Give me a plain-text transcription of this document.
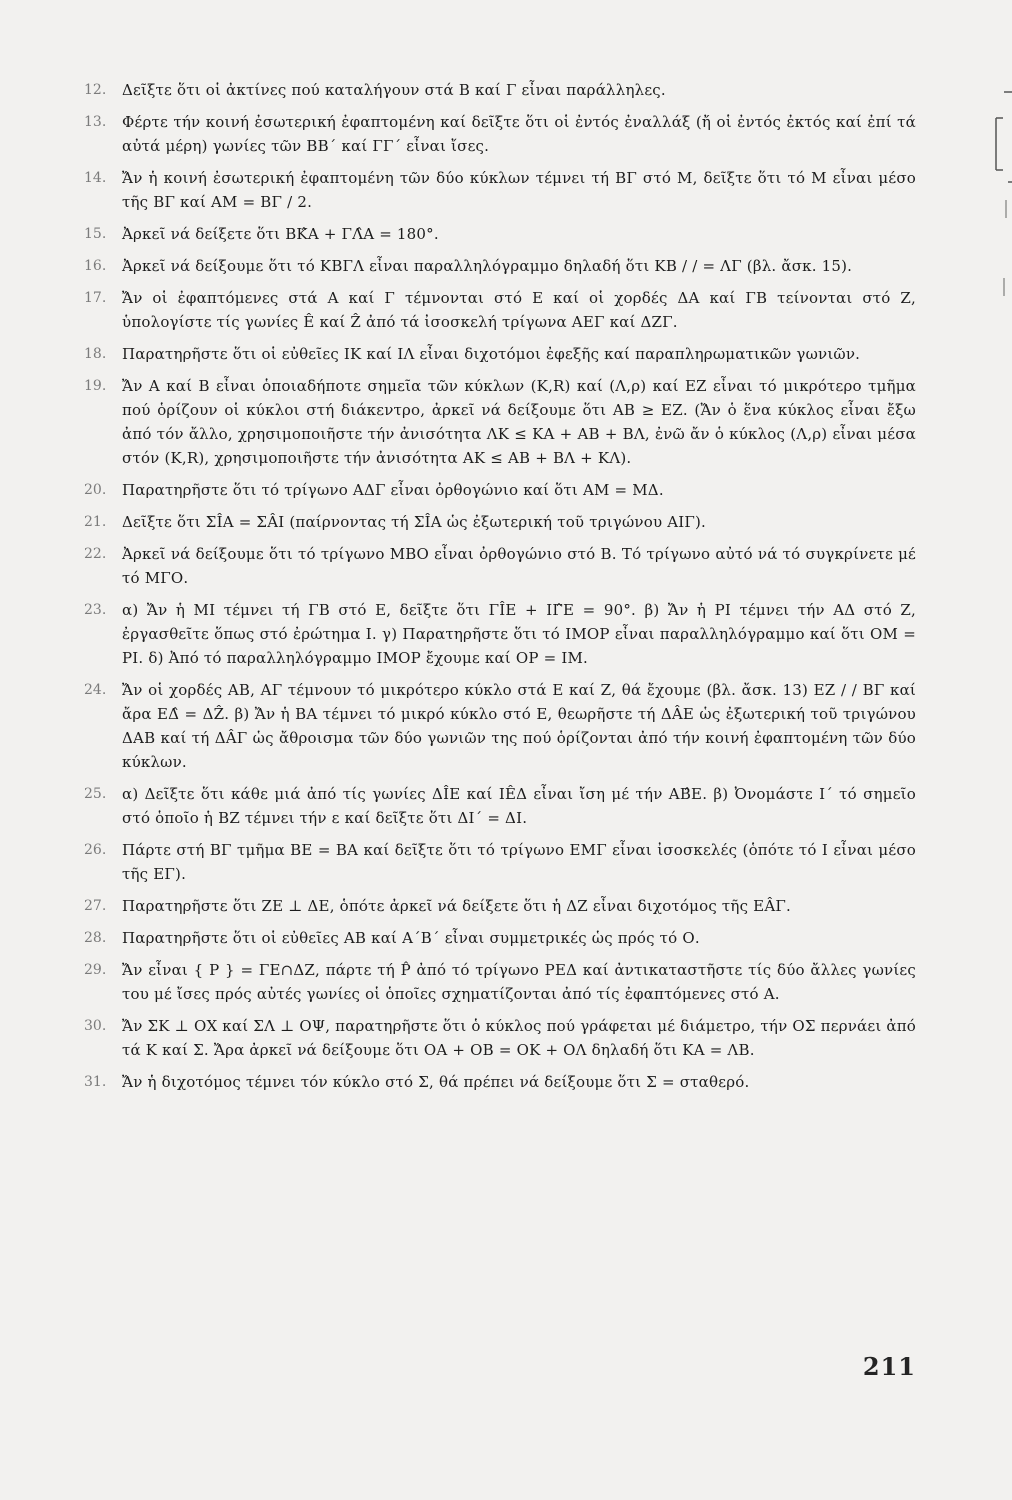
12.	Δεῖξτε ὅτι οἱ ἀκτίνες πού καταλήγουν στά Β καί Γ εἶναι παράλληλες.
13.	Φέρτε τήν κοινή ἐσωτερική ἐφαπτομένη καί δεῖξτε ὅτι οἱ ἐντός ἐναλλάξ (ἤ οἱ ἐντός ἐκτός καί ἐπί τά αὐτά μέρη) γωνίες τῶν ΒΒ΄ καί ΓΓ΄ εἶναι ἴσες.
14.	Ἄν ἡ κοινή ἐσωτερική ἐφαπτομένη τῶν δύο κύκλων τέμνει τή ΒΓ στό Μ, δεῖξτε ὅτι τό Μ εἶναι μέσο τῆς ΒΓ καί ΑΜ = ΒΓ / 2.
15.	Ἀρκεῖ νά δείξετε ὅτι ΒΚ̂Α + ΓΛ̂Α = 180°.
16.	Ἀρκεῖ νά δείξουμε ὅτι τό ΚΒΓΛ εἶναι παραλληλόγραμμο δηλαδή ὅτι ΚΒ / / = ΛΓ (βλ. ἄσκ. 15).
17.	Ἄν οἱ ἐφαπτόμενες στά Α καί Γ τέμνονται στό Ε καί οἱ χορδές ΔΑ καί ΓΒ τείνονται στό Ζ, ὑπολογίστε τίς γωνίες Ê καί Ẑ ἀπό τά ἰσοσκελή τρίγωνα ΑΕΓ καί ΔΖΓ.
18.	Παρατηρῆστε ὅτι οἱ εὐθεῖες ΙΚ καί ΙΛ εἶναι διχοτόμοι ἐφεξῆς καί παραπληρωματικῶν γωνιῶν.
19.	Ἄν Α καί Β εἶναι ὁποιαδήποτε σημεῖα τῶν κύκλων (Κ,R) καί (Λ,ρ) καί ΕΖ εἶναι τό μικρότερο τμῆμα πού ὁρίζουν οἱ κύκλοι στή διάκεντρο, ἀρκεῖ νά δείξουμε ὅτι ΑΒ ≥ ΕΖ. (Ἄν ὁ ἕνα κύκλος εἶναι ἔξω ἀπό τόν ἄλλο, χρησιμοποιῆστε τήν ἀνισότητα ΛΚ ≤ ΚΑ + ΑΒ + ΒΛ, ἐνῶ ἄν ὁ κύκλος (Λ,ρ) εἶναι μέσα στόν (Κ,R), χρησιμοποιῆστε τήν ἀνισότητα ΑΚ ≤ ΑΒ + ΒΛ + ΚΛ).
20.	Παρατηρῆστε ὅτι τό τρίγωνο ΑΔΓ εἶναι ὀρθογώνιο καί ὅτι ΑΜ = ΜΔ.
21.	Δεῖξτε ὅτι ΣÎΑ = ΣÂΙ (παίρνοντας τή ΣÎΑ ὡς ἐξωτερική τοῦ τριγώνου ΑΙΓ).
22.	Ἀρκεῖ νά δείξουμε ὅτι τό τρίγωνο ΜΒΟ εἶναι ὀρθογώνιο στό Β. Τό τρίγωνο αὐτό νά τό συγκρίνετε μέ τό ΜΓΟ.
23.	α) Ἄν ἡ ΜΙ τέμνει τή ΓΒ στό Ε, δεῖξτε ὅτι ΓÎΕ + ΙΓ̂Ε = 90°. β) Ἄν ἡ ΡΙ τέμνει τήν ΑΔ στό Ζ, ἐργασθεῖτε ὅπως στό ἐρώτημα Ι. γ) Παρατηρῆστε ὅτι τό ΙΜΟΡ εἶναι παραλληλόγραμμο καί ὅτι ΟΜ = ΡΙ. δ) Ἀπό τό παραλληλόγραμμο ΙΜΟΡ ἔχουμε καί ΟΡ = ΙΜ.
24.	Ἄν οἱ χορδές ΑΒ, ΑΓ τέμνουν τό μικρότερο κύκλο στά Ε καί Ζ, θά ἔχουμε (βλ. ἄσκ. 13) ΕΖ / / ΒΓ καί ἄρα ΕΔ̂ = ΔẐ. β) Ἄν ἡ ΒΑ τέμνει τό μικρό κύκλο στό Ε, θεωρῆστε τή ΔÂΕ ὡς ἐξωτερική τοῦ τριγώνου ΔΑΒ καί τή ΔÂΓ ὡς ἄθροισμα τῶν δύο γωνιῶν της πού ὁρίζονται ἀπό τήν κοινή ἐφαπτομένη τῶν δύο κύκλων.
25.	α) Δεῖξτε ὅτι κάθε μιά ἀπό τίς γωνίες ΔÎΕ καί ΙÊΔ εἶναι ἴση μέ τήν ΑΒ̂Ε. β) Ὀνομάστε Ι΄ τό σημεῖο στό ὁποῖο ἡ ΒΖ τέμνει τήν ε καί δεῖξτε ὅτι ΔΙ΄ = ΔΙ.
26.	Πάρτε στή ΒΓ τμῆμα ΒΕ = ΒΑ καί δεῖξτε ὅτι τό τρίγωνο ΕΜΓ εἶναι ἰσοσκελές (ὁπότε τό Ι εἶναι μέσο τῆς ΕΓ).
27.	Παρατηρῆστε ὅτι ΖΕ ⊥ ΔΕ, ὁπότε ἀρκεῖ νά δείξετε ὅτι ἡ ΔΖ εἶναι διχοτόμος τῆς ΕÂΓ.
28.	Παρατηρῆστε ὅτι οἱ εὐθεῖες ΑΒ καί Α΄Β΄ εἶναι συμμετρικές ὡς πρός τό Ο.
29.	Ἄν εἶναι { Ρ } = ΓΕ∩ΔΖ, πάρτε τή P̂ ἀπό τό τρίγωνο ΡΕΔ καί ἀντικαταστῆστε τίς δύο ἄλλες γωνίες του μέ ἴσες πρός αὐτές γωνίες οἱ ὁποῖες σχηματίζονται ἀπό τίς ἐφαπτόμενες στό Α.
30.	Ἄν ΣΚ ⊥ ΟΧ καί ΣΛ ⊥ ΟΨ, παρατηρῆστε ὅτι ὁ κύκλος πού γράφεται μέ διάμετρο, τήν ΟΣ περνάει ἀπό τά Κ καί Σ. Ἄρα ἀρκεῖ νά δείξουμε ὅτι ΟΑ + ΟΒ = ΟΚ + ΟΛ δηλαδή ὅτι ΚΑ = ΛΒ.
31.	Ἄν ἡ διχοτόμος τέμνει τόν κύκλο στό Σ, θά πρέπει νά δείξουμε ὅτι Σ = σταθερό.
211
